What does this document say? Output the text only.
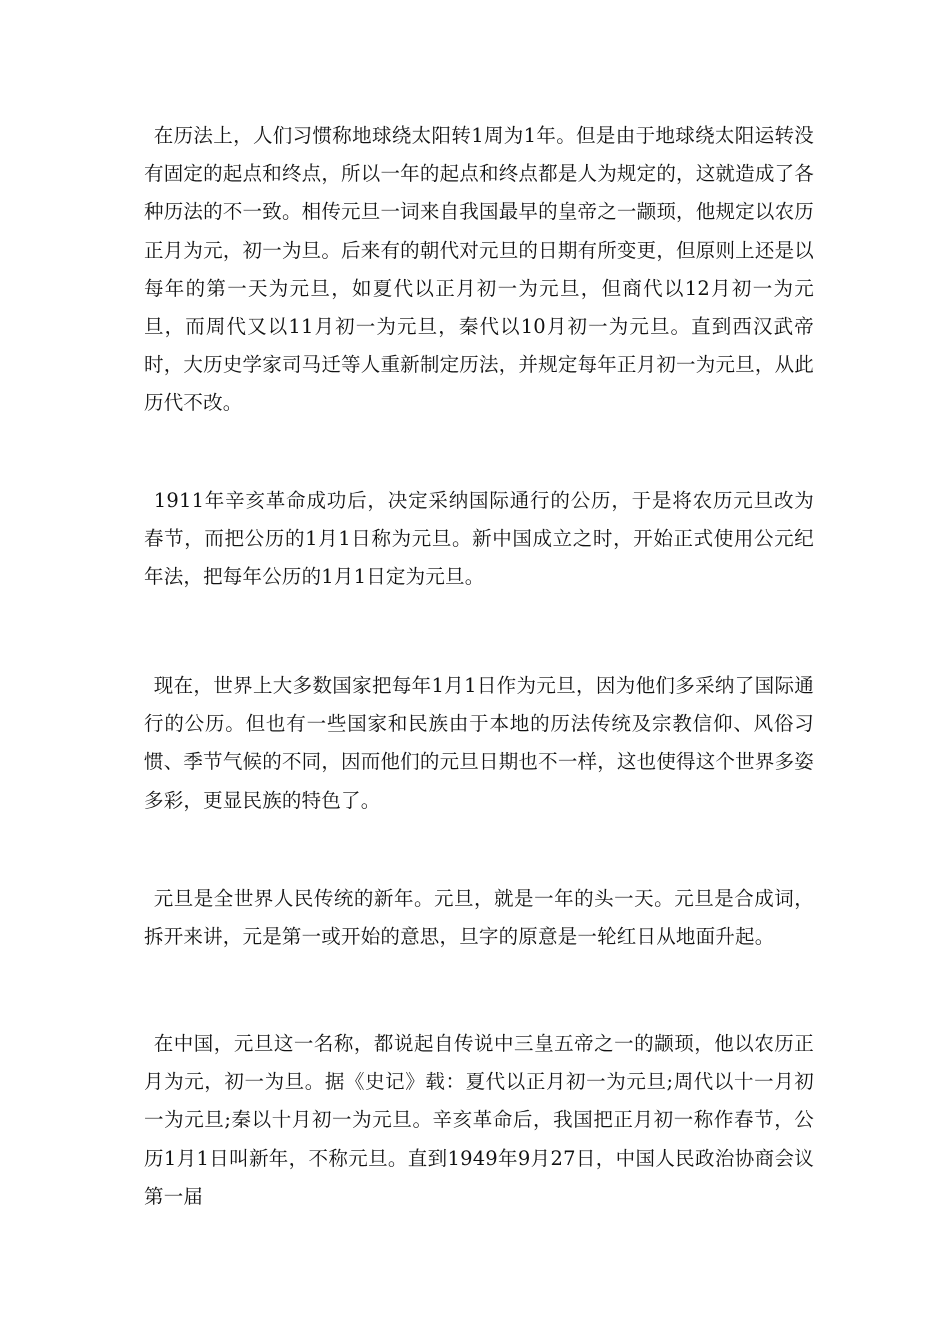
在历法上，人们习惯称地球绕太阳转1周为1年。但是由于地球绕太阳运转没有固定的起点和终点，所以一年的起点和终点都是人为规定的，这就造成了各种历法的不一致。相传元旦一词来自我国最早的皇帝之一颛顼，他规定以农历正月为元，初一为旦。后来有的朝代对元旦的日期有所变更，但原则上还是以每年的第一天为元旦，如夏代以正月初一为元旦，但商代以12月初一为元旦，而周代又以11月初一为元旦，秦代以10月初一为元旦。直到西汉武帝时，大历史学家司马迁等人重新制定历法，并规定每年正月初一为元旦，从此历代不改。

1911年辛亥革命成功后，决定采纳国际通行的公历，于是将农历元旦改为春节，而把公历的1月1日称为元旦。新中国成立之时，开始正式使用公元纪年法，把每年公历的1月1日定为元旦。

现在，世界上大多数国家把每年1月1日作为元旦，因为他们多采纳了国际通行的公历。但也有一些国家和民族由于本地的历法传统及宗教信仰、风俗习惯、季节气候的不同，因而他们的元旦日期也不一样，这也使得这个世界多姿多彩，更显民族的特色了。

元旦是全世界人民传统的新年。元旦，就是一年的头一天。元旦是合成词，拆开来讲，元是第一或开始的意思，旦字的原意是一轮红日从地面升起。

在中国，元旦这一名称，都说起自传说中三皇五帝之一的颛顼，他以农历正月为元，初一为旦。据《史记》载：夏代以正月初一为元旦;周代以十一月初一为元旦;秦以十月初一为元旦。辛亥革命后，我国把正月初一称作春节，公历1月1日叫新年，不称元旦。直到1949年9月27日，中国人民政治协商会议第一届
